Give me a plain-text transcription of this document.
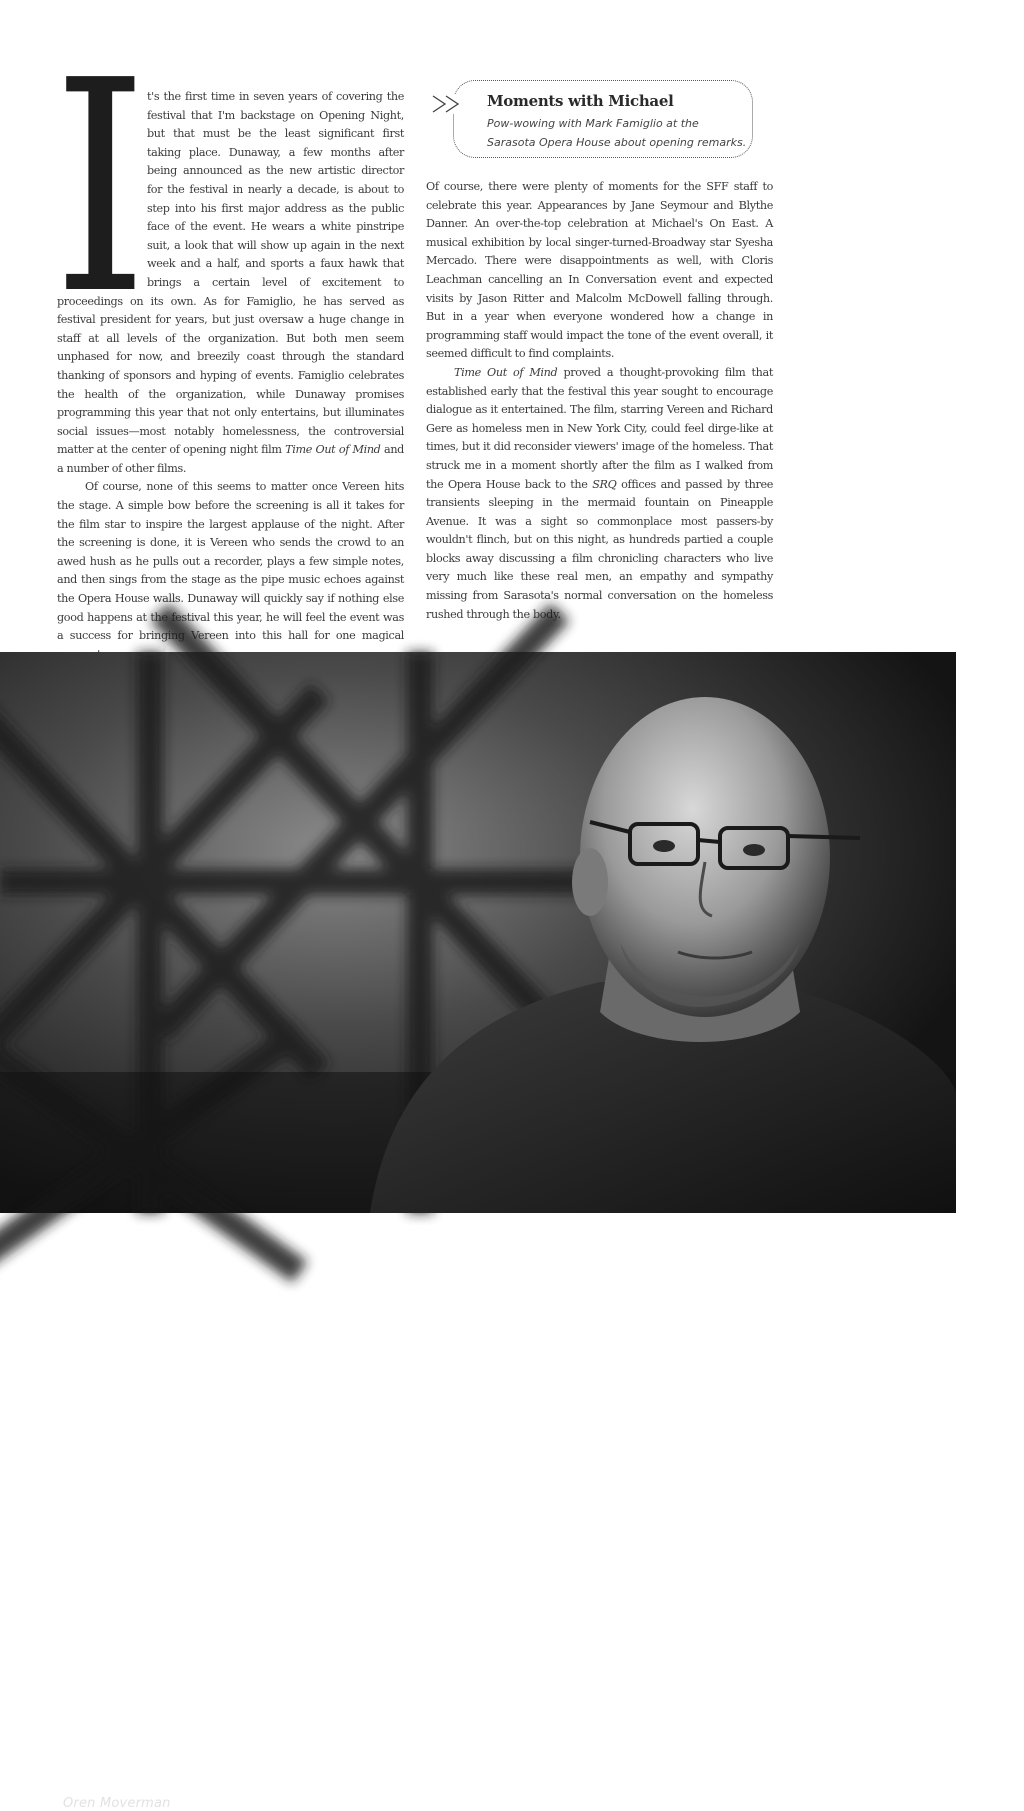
Moments with Michael
Pow-wowing with Mark Famiglio at the Sarasota Opera House about opening remarks.
I t's the first time in seven years of covering the festival that I'm backstage on Opening Night, but that must be the least significant first taking place. Dunaway, a few months after being announced as the new artistic director for the festival in nearly a decade, is about to step into his first major address as the public face of the event. He wears a white pinstripe suit, a look that will show up again in the next week and a half, and sports a faux hawk that brings a certain level of excitement to proceedings on its own. As for Famiglio, he has served as festival president for years, but just oversaw a huge change in staff at all levels of the organization. But both men seem unphased for now, and breezily coast through the standard thanking of sponsors and hyping of events. Famiglio celebrates the health of the organization, while Dunaway promises programming this year that not only entertains, but illuminates social issues—most notably homelessness, the controversial matter at the center of opening night film Time Out of Mind and a number of other films.

Of course, none of this seems to matter once Vereen hits the stage. A simple bow before the screening is all it takes for the film star to inspire the largest applause of the night. After the screening is done, it is Vereen who sends the crowd to an awed hush as he pulls out a recorder, plays a few simple notes, and then sings from the stage as the pipe music echoes against the Opera House walls. Dunaway will quickly say if nothing else good happens at the festival this year, he will feel the event was a success for bringing Vereen into this hall for one magical

Of course, there were plenty of moments for the SFF staff to celebrate this year. Appearances by Jane Seymour and Blythe Danner. An over-the-top celebration at Michael's On East. A musical exhibition by local singer-turned-Broadway star Syesha Mercado. There were disappointments as well, with Cloris Leachman cancelling an In Conversation event and expected visits by Jason Ritter and Malcolm McDowell falling through. But in a year when everyone wondered how a change in programming staff would impact the tone of the event overall, it seemed difficult to find complaints.

Time Out of Mind proved a thought-provoking film that established early that the festival this year sought to encourage dialogue as it entertained. The film, starring Vereen and Richard Gere as homeless men in New York City, could feel dirge-like at times, but it did reconsider viewers' image of the homeless. That struck me in a moment shortly after the film as I walked from the Opera House back to the SRQ offices and passed by three transients sleeping in the mermaid fountain on Pineapple Avenue. It was a sight so commonplace most passers-by wouldn't flinch, but on this night, as hundreds partied a couple blocks away discussing a film chronicling characters who live very much like these real men, an empathy and sympathy missing from Sarasota's normal conversation on the homeless rushed through the body.

Oren Moverman
